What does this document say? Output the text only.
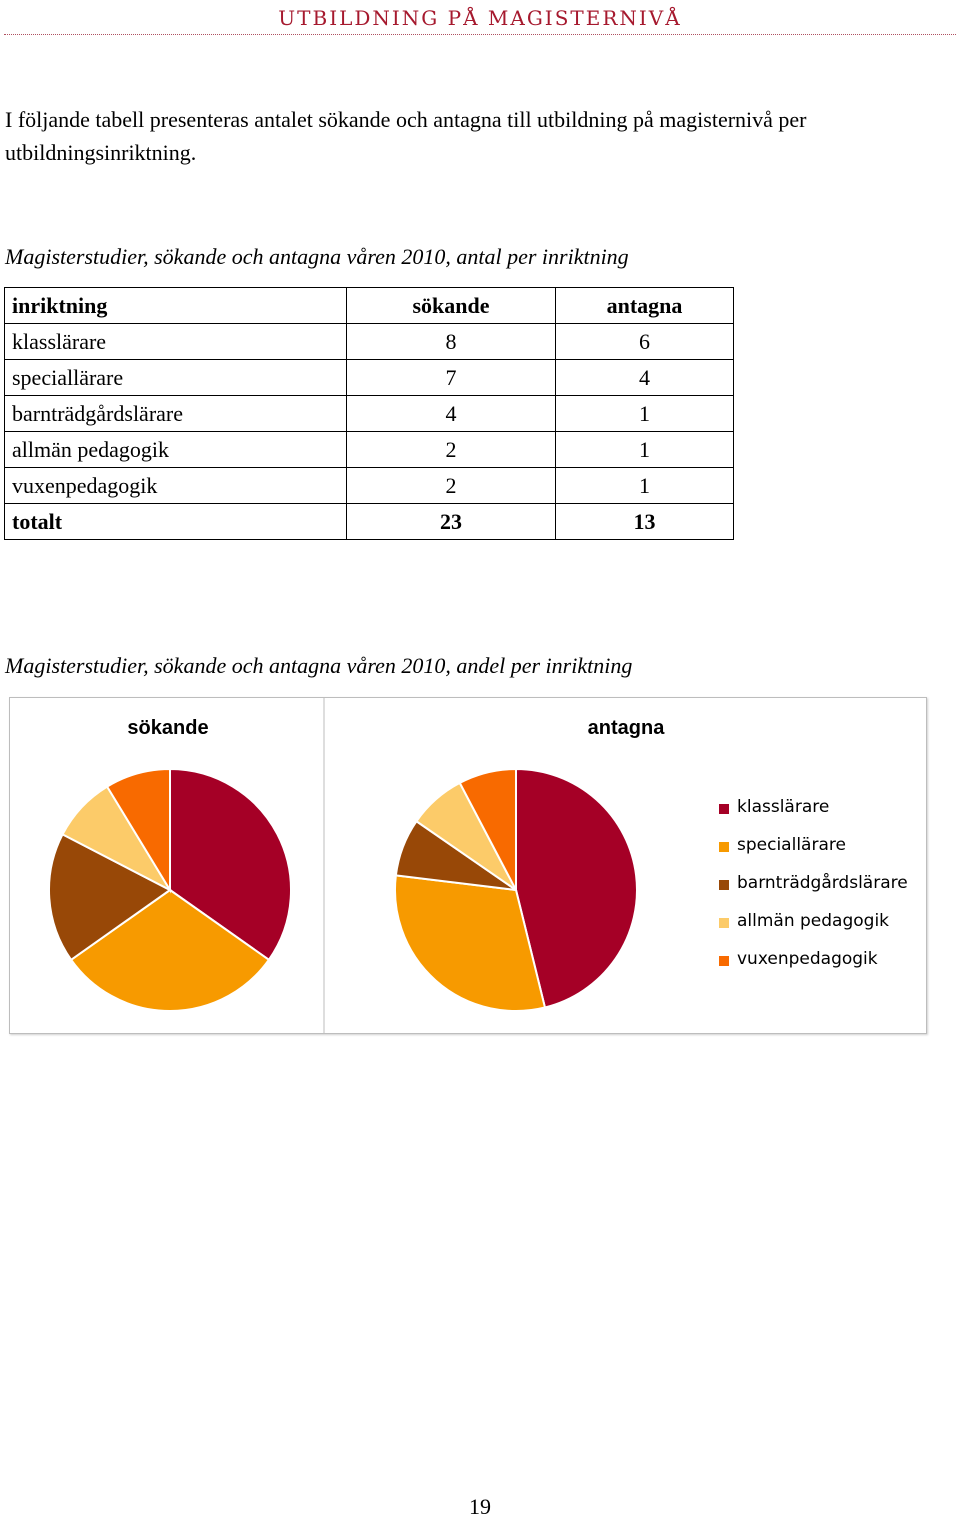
UTBILDNING PÅ MAGISTERNIVÅ
I följande tabell presenteras antalet sökande och antagna till utbildning på magisternivå per utbildningsinriktning.
Magisterstudier, sökande och antagna våren 2010, antal per inriktning
inriktning	sökande	antagna
klasslärare	8	6
speciallärare	7	4
barnträdgårdslärare	4	1
allmän pedagogik	2	1
vuxenpedagogik	2	1
totalt	23	13
Magisterstudier, sökande och antagna våren 2010, andel per inriktning
sökande	antagna
klasslärare
speciallärare
barnträdgårdslärare
allmän pedagogik
vuxenpedagogik
19
